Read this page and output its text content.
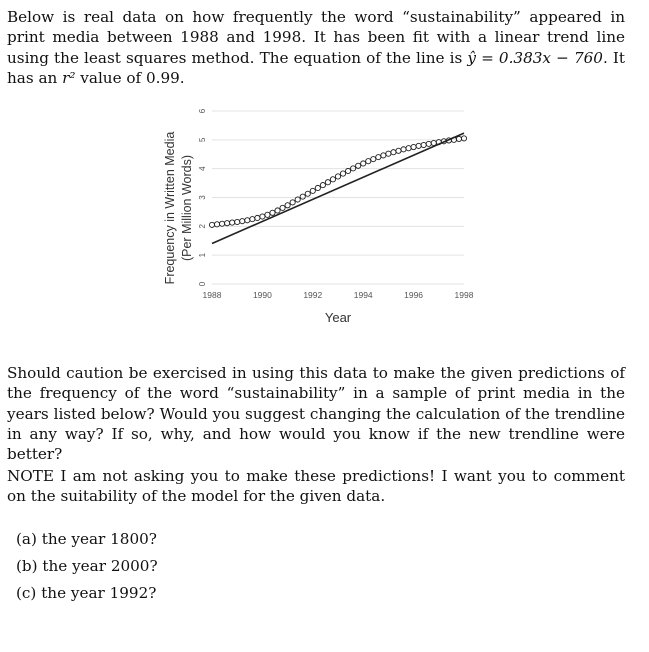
Below is real data on how frequently the word “sustainability” appeared in print media between 1988 and 1998. It has been fit with a linear trend line using the least squares method. The equation of the line is ŷ = 0.383x − 760. It has an r² value of 0.99.

0
1
2
3
4
5
6
1988	1990	1992	1994	1996	1998
Frequency in Written Media (Per Million Words)
Year

Should caution be exercised in using this data to make the given predictions of the frequency of the word “sustainability” in a sample of print media in the years listed below? Would you suggest changing the calculation of the trendline in any way? If so, why, and how would you know if the new trendline were better?

NOTE I am not asking you to make these predictions! I want you to comment on the suitability of the model for the given data.

(a) the year 1800?
(b) the year 2000?
(c) the year 1992?
